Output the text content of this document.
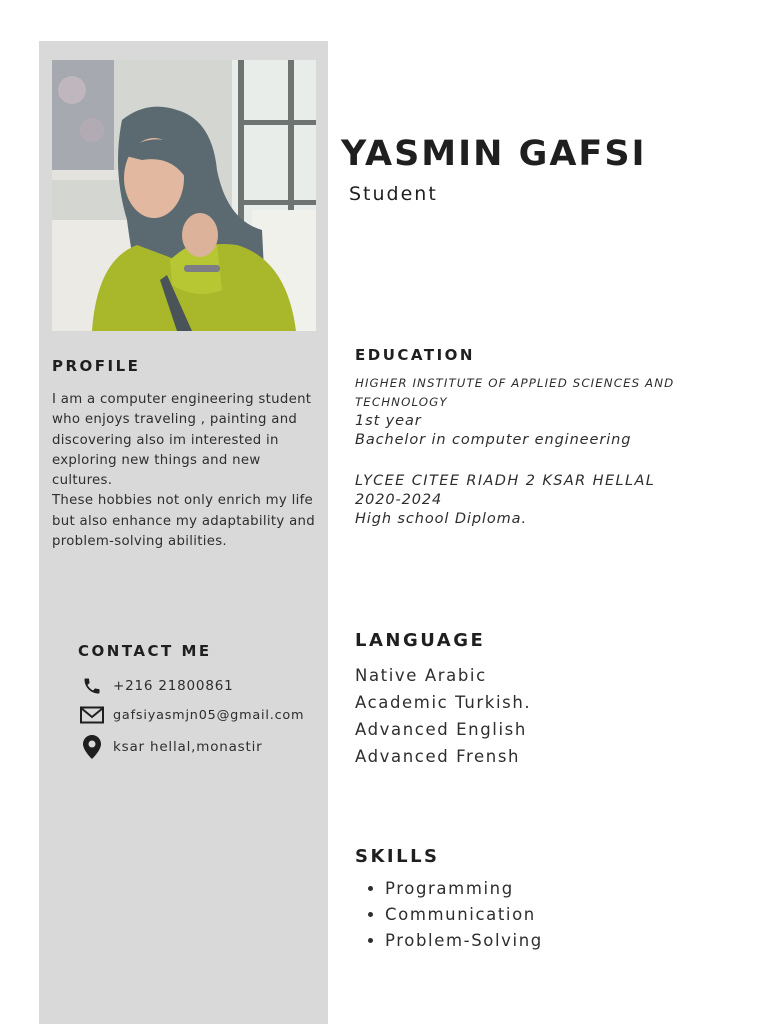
YASMIN GAFSI
Student
PROFILE

I am a computer engineering student who enjoys traveling , painting and discovering also im interested in exploring new things and new cultures.

These hobbies not only enrich my life but also enhance my adaptability and problem-solving abilities.

CONTACT ME
+216 21800861
gafsiyasmjn05@gmail.com
ksar hellal,monastir
EDUCATION
HIGHER INSTITUTE OF APPLIED SCIENCES AND TECHNOLOGY
1st year
Bachelor in computer engineering
LYCEE CITEE RIADH 2 KSAR HELLAL
2020-2024
High school Diploma.
LANGUAGE
Native Arabic
Academic Turkish.
Advanced English
Advanced Frensh
SKILLS
• Programming
• Communication
• Problem-Solving
